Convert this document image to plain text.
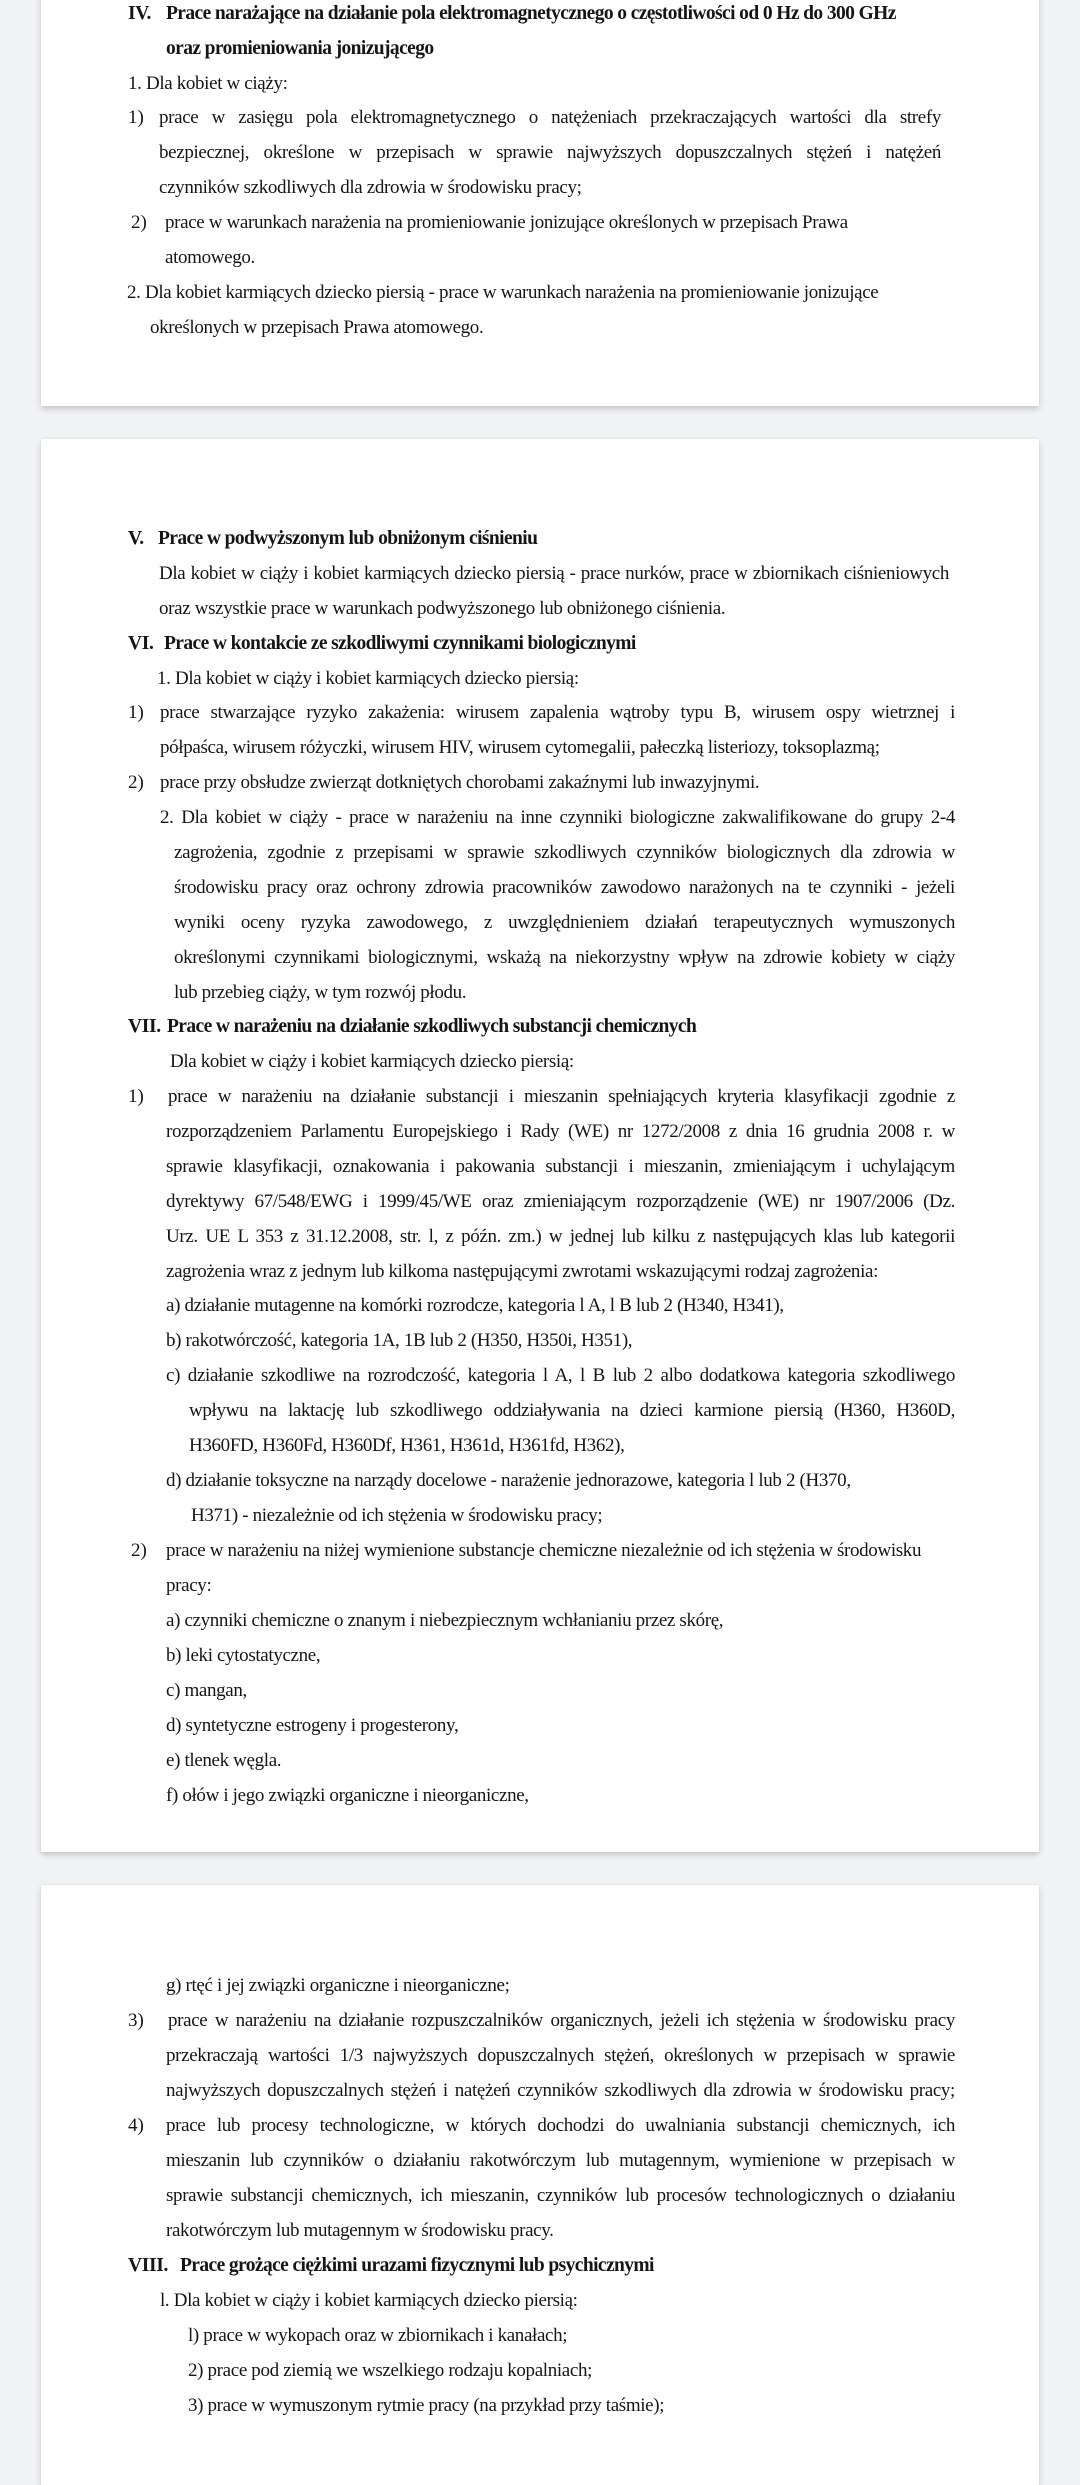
IV. Prace narażające na działanie pola elektromagnetycznego o częstotliwości od 0 Hz do 300 GHz
oraz promieniowania jonizującego
1. Dla kobiet w ciąży:
1) prace w zasięgu pola elektromagnetycznego o natężeniach przekraczających wartości dla strefy
bezpiecznej, określone w przepisach w sprawie najwyższych dopuszczalnych stężeń i natężeń
czynników szkodliwych dla zdrowia w środowisku pracy;
2) prace w warunkach narażenia na promieniowanie jonizujące określonych w przepisach Prawa
atomowego.
2. Dla kobiet karmiących dziecko piersią - prace w warunkach narażenia na promieniowanie jonizujące
określonych w przepisach Prawa atomowego.
V. Prace w podwyższonym lub obniżonym ciśnieniu
Dla kobiet w ciąży i kobiet karmiących dziecko piersią - prace nurków, prace w zbiornikach ciśnieniowych
oraz wszystkie prace w warunkach podwyższonego lub obniżonego ciśnienia.
VI. Prace w kontakcie ze szkodliwymi czynnikami biologicznymi
1. Dla kobiet w ciąży i kobiet karmiących dziecko piersią:
1) prace stwarzające ryzyko zakażenia: wirusem zapalenia wątroby typu B, wirusem ospy wietrznej i
półpaśca, wirusem różyczki, wirusem HIV, wirusem cytomegalii, pałeczką listeriozy, toksoplazmą;
2) prace przy obsłudze zwierząt dotkniętych chorobami zakaźnymi lub inwazyjnymi.
2. Dla kobiet w ciąży - prace w narażeniu na inne czynniki biologiczne zakwalifikowane do grupy 2-4
zagrożenia, zgodnie z przepisami w sprawie szkodliwych czynników biologicznych dla zdrowia w
środowisku pracy oraz ochrony zdrowia pracowników zawodowo narażonych na te czynniki - jeżeli
wyniki oceny ryzyka zawodowego, z uwzględnieniem działań terapeutycznych wymuszonych
określonymi czynnikami biologicznymi, wskażą na niekorzystny wpływ na zdrowie kobiety w ciąży
lub przebieg ciąży, w tym rozwój płodu.
VII. Prace w narażeniu na działanie szkodliwych substancji chemicznych
Dla kobiet w ciąży i kobiet karmiących dziecko piersią:
1) prace w narażeniu na działanie substancji i mieszanin spełniających kryteria klasyfikacji zgodnie z
rozporządzeniem Parlamentu Europejskiego i Rady (WE) nr 1272/2008 z dnia 16 grudnia 2008 r. w
sprawie klasyfikacji, oznakowania i pakowania substancji i mieszanin, zmieniającym i uchylającym
dyrektywy 67/548/EWG i 1999/45/WE oraz zmieniającym rozporządzenie (WE) nr 1907/2006 (Dz.
Urz. UE L 353 z 31.12.2008, str. l, z późn. zm.) w jednej lub kilku z następujących klas lub kategorii
zagrożenia wraz z jednym lub kilkoma następującymi zwrotami wskazującymi rodzaj zagrożenia:
a) działanie mutagenne na komórki rozrodcze, kategoria l A, l B lub 2 (H340, H341),
b) rakotwórczość, kategoria 1A, 1B lub 2 (H350, H350i, H351),
c) działanie szkodliwe na rozrodczość, kategoria l A, l B lub 2 albo dodatkowa kategoria szkodliwego
wpływu na laktację lub szkodliwego oddziaływania na dzieci karmione piersią (H360, H360D,
H360FD, H360Fd, H360Df, H361, H361d, H361fd, H362),
d) działanie toksyczne na narządy docelowe - narażenie jednorazowe, kategoria l lub 2 (H370,
H371) - niezależnie od ich stężenia w środowisku pracy;
2) prace w narażeniu na niżej wymienione substancje chemiczne niezależnie od ich stężenia w środowisku
pracy:
a) czynniki chemiczne o znanym i niebezpiecznym wchłanianiu przez skórę,
b) leki cytostatyczne,
c) mangan,
d) syntetyczne estrogeny i progesterony,
e) tlenek węgla.
f) ołów i jego związki organiczne i nieorganiczne,
g) rtęć i jej związki organiczne i nieorganiczne;
3) prace w narażeniu na działanie rozpuszczalników organicznych, jeżeli ich stężenia w środowisku pracy
przekraczają wartości 1/3 najwyższych dopuszczalnych stężeń, określonych w przepisach w sprawie
najwyższych dopuszczalnych stężeń i natężeń czynników szkodliwych dla zdrowia w środowisku pracy;
4) prace lub procesy technologiczne, w których dochodzi do uwalniania substancji chemicznych, ich
mieszanin lub czynników o działaniu rakotwórczym lub mutagennym, wymienione w przepisach w
sprawie substancji chemicznych, ich mieszanin, czynników lub procesów technologicznych o działaniu
rakotwórczym lub mutagennym w środowisku pracy.
VIII. Prace grożące ciężkimi urazami fizycznymi lub psychicznymi
l. Dla kobiet w ciąży i kobiet karmiących dziecko piersią:
l) prace w wykopach oraz w zbiornikach i kanałach;
2) prace pod ziemią we wszelkiego rodzaju kopalniach;
3) prace w wymuszonym rytmie pracy (na przykład przy taśmie);
